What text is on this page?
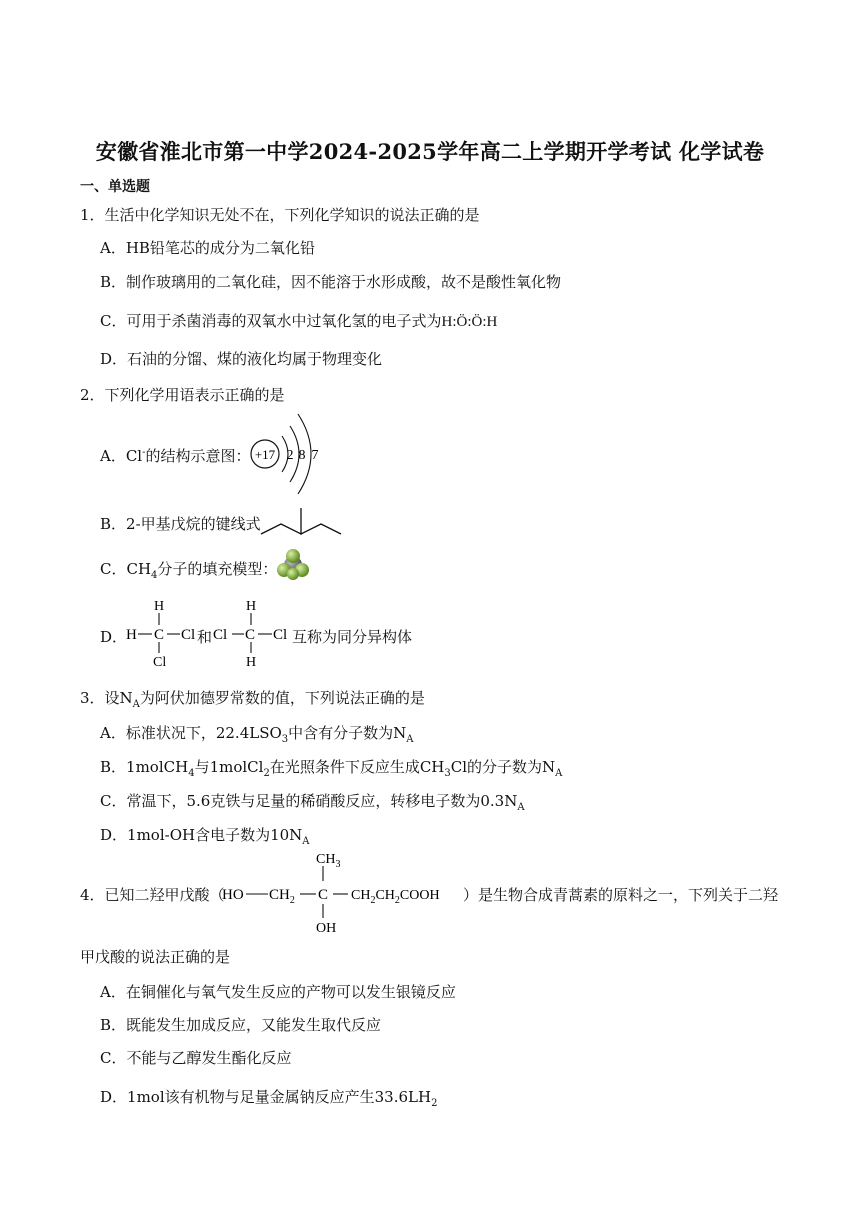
安徽省淮北市第一中学2024-2025学年高二上学期开学考试 化学试卷
一、单选题
1．生活中化学知识无处不在，下列化学知识的说法正确的是
A．HB铅笔芯的成分为二氧化铅
B．制作玻璃用的二氧化硅，因不能溶于水形成酸，故不是酸性氧化物
C．可用于杀菌消毒的双氧水中过氧化氢的电子式为H:Ö:Ö:H
D．石油的分馏、煤的液化均属于物理变化
2．下列化学用语表示正确的是
A．Cl-的结构示意图： +17 2 8 7
B．2-甲基戊烷的键线式
C．$CH_4$分子的填充模型：
D．
H C Cl
H
Cl
和 Cl C Cl
H
H
互称为同分异构体
3．设$N_A$为阿伏加德罗常数的值，下列说法正确的是
A．标准状况下，$22.4LSO_3$中含有分子数为$N_A$
B．1molCH$_4$与1molCl$_2$在光照条件下反应生成$CH_3Cl$的分子数为$N_A$
C．常温下，5.6克铁与足量的稀硝酸反应，转移电子数为$0.3N_A$
D．1mol-OH含电子数为$10N_A$
4．已知二羟甲戊酸（
HO $CH_2$ C
$CH_3$
OH
$CH_2CH_2COOH$ ）是生物合成青蒿素的原料之一，下列关于二羟
甲戊酸的说法正确的是
A．在铜催化与氧气发生反应的产物可以发生银镜反应
B．既能发生加成反应，又能发生取代反应
C．不能与乙醇发生酯化反应
D．1mol该有机物与足量金属钠反应产生$33.6LH_2$
